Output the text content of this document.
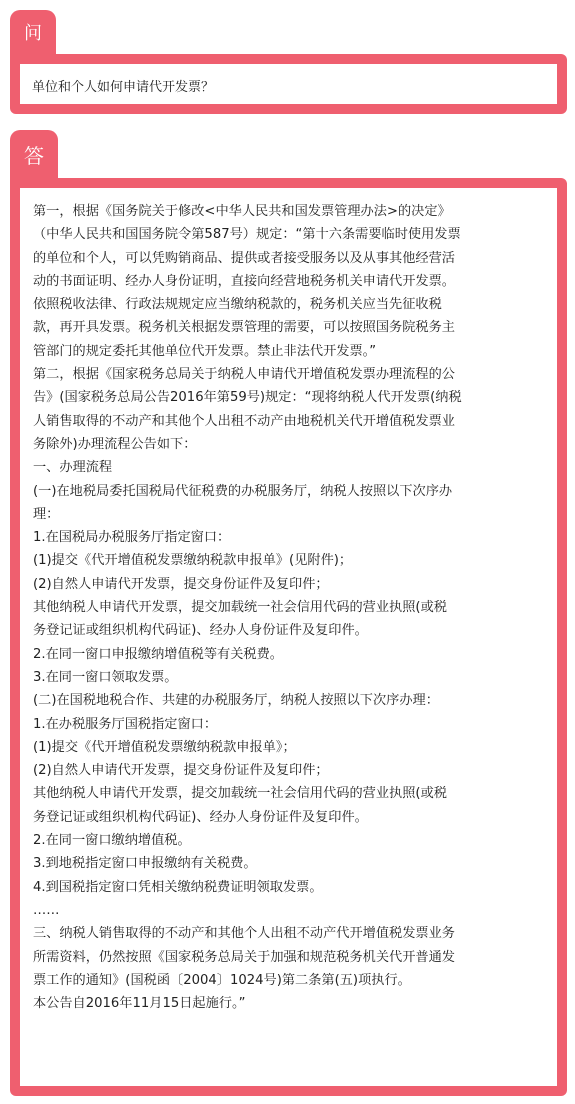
问
单位和个人如何申请代开发票？
答
第一，根据《国务院关于修改<中华人民共和国发票管理办法>的决定》
（中华人民共和国国务院令第587号）规定：“第十六条需要临时使用发票
的单位和个人，可以凭购销商品、提供或者接受服务以及从事其他经营活
动的书面证明、经办人身份证明，直接向经营地税务机关申请代开发票。
依照税收法律、行政法规规定应当缴纳税款的，税务机关应当先征收税
款，再开具发票。税务机关根据发票管理的需要，可以按照国务院税务主
管部门的规定委托其他单位代开发票。禁止非法代开发票。”
第二，根据《国家税务总局关于纳税人申请代开增值税发票办理流程的公
告》(国家税务总局公告2016年第59号)规定：“现将纳税人代开发票(纳税
人销售取得的不动产和其他个人出租不动产由地税机关代开增值税发票业
务除外)办理流程公告如下：
一、办理流程
(一)在地税局委托国税局代征税费的办税服务厅，纳税人按照以下次序办
理：
1.在国税局办税服务厅指定窗口：
(1)提交《代开增值税发票缴纳税款申报单》(见附件)；
(2)自然人申请代开发票，提交身份证件及复印件；
其他纳税人申请代开发票，提交加载统一社会信用代码的营业执照(或税
务登记证或组织机构代码证)、经办人身份证件及复印件。
2.在同一窗口申报缴纳增值税等有关税费。
3.在同一窗口领取发票。
(二)在国税地税合作、共建的办税服务厅，纳税人按照以下次序办理：
1.在办税服务厅国税指定窗口：
(1)提交《代开增值税发票缴纳税款申报单》；
(2)自然人申请代开发票，提交身份证件及复印件；
其他纳税人申请代开发票，提交加载统一社会信用代码的营业执照(或税
务登记证或组织机构代码证)、经办人身份证件及复印件。
2.在同一窗口缴纳增值税。
3.到地税指定窗口申报缴纳有关税费。
4.到国税指定窗口凭相关缴纳税费证明领取发票。
……
三、纳税人销售取得的不动产和其他个人出租不动产代开增值税发票业务
所需资料，仍然按照《国家税务总局关于加强和规范税务机关代开普通发
票工作的通知》(国税函〔2004〕1024号)第二条第(五)项执行。
本公告自2016年11月15日起施行。”
